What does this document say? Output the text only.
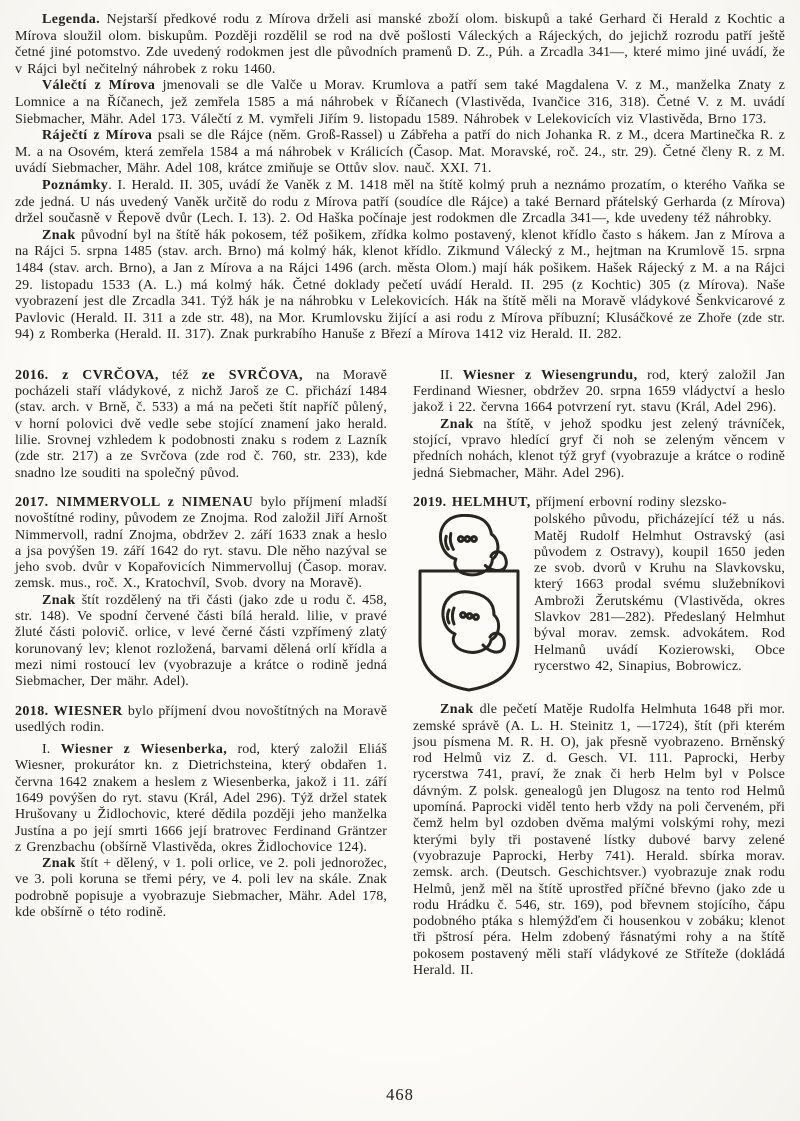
Legenda. Nejstarší předkové rodu z Mírova drželi asi manské zboží olom. biskupů a také Gerhard či Herald z Kochtic a Mírova sloužil olom. biskupům. Později rozdělil se rod na dvě pošlosti Váleckých a Rájeckých, do jejichž rozrodu patří ještě četné jiné potomstvo. Zde uvedený rodokmen jest dle původních pramenů D. Z., Púh. a Zrcadla 341—, které mimo jiné uvádí, že v Rájci byl nečitelný náhrobek z roku 1460.

Válečtí z Mírova jmenovali se dle Valče u Morav. Krumlova a patří sem také Magdalena V. z M., manželka Znaty z Lomnice a na Říčanech, jež zemřela 1585 a má náhrobek v Říčanech (Vlastivěda, Ivančice 316, 318). Četné V. z M. uvádí Siebmacher, Mähr. Adel 173. Válečtí z M. vymřeli Jiřím 9. listopadu 1589. Náhrobek v Lelekovicích viz Vlastivěda, Brno 173.

Ráječtí z Mírova psali se dle Rájce (něm. Groß-Rassel) u Zábřeha a patří do nich Johanka R. z M., dcera Martinečka R. z M. a na Osovém, která zemřela 1584 a má náhrobek v Králicích (Časop. Mat. Moravské, roč. 24., str. 29). Četné členy R. z M. uvádí Siebmacher, Mähr. Adel 108, krátce zmiňuje se Ottův slov. nauč. XXI. 71.

Poznámky. I. Herald. II. 305, uvádí že Vaněk z M. 1418 měl na štítě kolmý pruh a neznámo prozatím, o kterého Vaňka se zde jedná. U nás uvedený Vaněk určitě do rodu z Mírova patří (soudíce dle Rájce) a také Bernard přátelský Gerharda (z Mírova) držel současně v Řepově dvůr (Lech. I. 13). 2. Od Haška počínaje jest rodokmen dle Zrcadla 341—, kde uvedeny též náhrobky.

Znak původní byl na štítě hák pokosem, též pošikem, zřídka kolmo postavený, klenot křídlo často s hákem. Jan z Mírova a na Rájci 5. srpna 1485 (stav. arch. Brno) má kolmý hák, klenot křídlo. Zikmund Válecký z M., hejtman na Krumlově 15. srpna 1484 (stav. arch. Brno), a Jan z Mírova a na Rájci 1496 (arch. města Olom.) mají hák pošikem. Hašek Rájecký z M. a na Rájci 29. listopadu 1533 (A. L.) má kolmý hák. Četné doklady pečetí uvádí Herald. II. 295 (z Kochtic) 305 (z Mírova). Naše vyobrazení jest dle Zrcadla 341. Týž hák je na náhrobku v Lelekovicích. Hák na štítě měli na Moravě vládykové Šenkvicarové z Pavlovic (Herald. II. 311 a zde str. 48), na Mor. Krumlovsku žijící a asi rodu z Mírova příbuzní; Klusáčkové ze Zhoře (zde str. 94) z Romberka (Herald. II. 317). Znak purkrabího Hanuše z Březí a Mírova 1412 viz Herald. II. 282.

2016. z CVRČOVA, též ze SVRČOVA, na Moravě pocházeli staří vládykové, z nichž Jaroš ze C. přichází 1484 (stav. arch. v Brně, č. 533) a má na pečeti štít napříč půlený, v horní polovici dvě vedle sebe stojící znamení jako herald. lilie. Srovnej vzhledem k podobnosti znaku s rodem z Lazník (zde str. 217) a ze Svrčova (zde rod č. 760, str. 233), kde snadno lze souditi na společný původ.

2017. NIMMERVOLL z NIMENAU bylo příjmení mladší novoštítné rodiny, původem ze Znojma. Rod založil Jiří Arnošt Nimmervoll, radní Znojma, obdržev 2. září 1633 znak a heslo a jsa povýšen 19. září 1642 do ryt. stavu. Dle něho nazýval se jeho svob. dvůr v Kopařovicích Nimmervolluj (Časop. morav. zemsk. mus., roč. X., Kratochvíl, Svob. dvory na Moravě).

Znak štít rozdělený na tři části (jako zde u rodu č. 458, str. 148). Ve spodní červené části bílá herald. lilie, v pravé žluté části polovič. orlice, v levé černé části vzpřímený zlatý korunovaný lev; klenot rozložená, barvami dělená orlí křídla a mezi nimi rostoucí lev (vyobrazuje a krátce o rodině jedná Siebmacher, Der mähr. Adel).

2018. WIESNER bylo příjmení dvou novoštítných na Moravě usedlých rodin.

I. Wiesner z Wiesenberka, rod, který založil Eliáš Wiesner, prokurátor kn. z Dietrichsteina, který obdařen 1. června 1642 znakem a heslem z Wiesenberka, jakož i 11. září 1649 povýšen do ryt. stavu (Král, Adel 296). Týž držel statek Hrušovany u Židlochovic, které dědila později jeho manželka Justína a po její smrti 1666 její bratrovec Ferdinand Gräntzer z Grenzbachu (obšírně Vlastivěda, okres Židlochovice 124).

Znak štít + dělený, v 1. poli orlice, ve 2. poli jednorožec, ve 3. poli koruna se třemi péry, ve 4. poli lev na skále. Znak podrobně popisuje a vyobrazuje Siebmacher, Mähr. Adel 178, kde obšírně o této rodině.

II. Wiesner z Wiesengrundu, rod, který založil Jan Ferdinand Wiesner, obdržev 20. srpna 1659 vládyctví a heslo jakož i 22. června 1664 potvrzení ryt. stavu (Král, Adel 296).

Znak na štítě, v jehož spodku jest zelený trávníček, stojící, vpravo hledící gryf či noh se zeleným věncem v předních nohách, klenot týž gryf (vyobrazuje a krátce o rodině jedná Siebmacher, Mähr. Adel 296).

2019. HELMHUT, příjmení erbovní rodiny slezsko-

polského původu, přicházející též u nás. Matěj Rudolf Helmhut Ostravský (asi původem z Ostravy), koupil 1650 jeden ze svob. dvorů v Kruhu na Slavkovsku, který 1663 prodal svému služebníkovi Ambroži Žerutskému (Vlastivěda, okres Slavkov 281—282). Předeslaný Helmhut býval morav. zemsk. advokátem. Rod Helmanů uvádí Kozierowski, Obce rycerstwo 42, Sinapius, Bobrowicz.

Znak dle pečetí Matěje Rudolfa Helmhuta 1648 při mor. zemské správě (A. L. H. Steinitz 1, —1724), štít (při kterém jsou písmena M. R. H. O), jak přesně vyobrazeno. Brněnský rod Helmů viz Z. d. Gesch. VI. 111. Paprocki, Herby rycerstwa 741, praví, že znak či herb Helm byl v Polsce dávným. Z polsk. genealogů jen Dlugosz na tento rod Helmů upomíná. Paprocki viděl tento herb vždy na poli červeném, při čemž helm byl ozdoben dvěma malými volskými rohy, mezi kterými byly tři postavené lístky dubové barvy zelené (vyobrazuje Paprocki, Herby 741). Herald. sbírka morav. zemsk. arch. (Deutsch. Geschichtsver.) vyobrazuje znak rodu Helmů, jenž měl na štítě uprostřed příčné břevno (jako zde u rodu Hrádku č. 546, str. 169), pod břevnem stojícího, čápu podobného ptáka s hlemýžďem či housenkou v zobáku; klenot tři pštrosí péra. Helm zdobený řásnatými rohy a na štítě pokosem postavený měli staří vládykové ze Stříteže (dokládá Herald. II.

468
